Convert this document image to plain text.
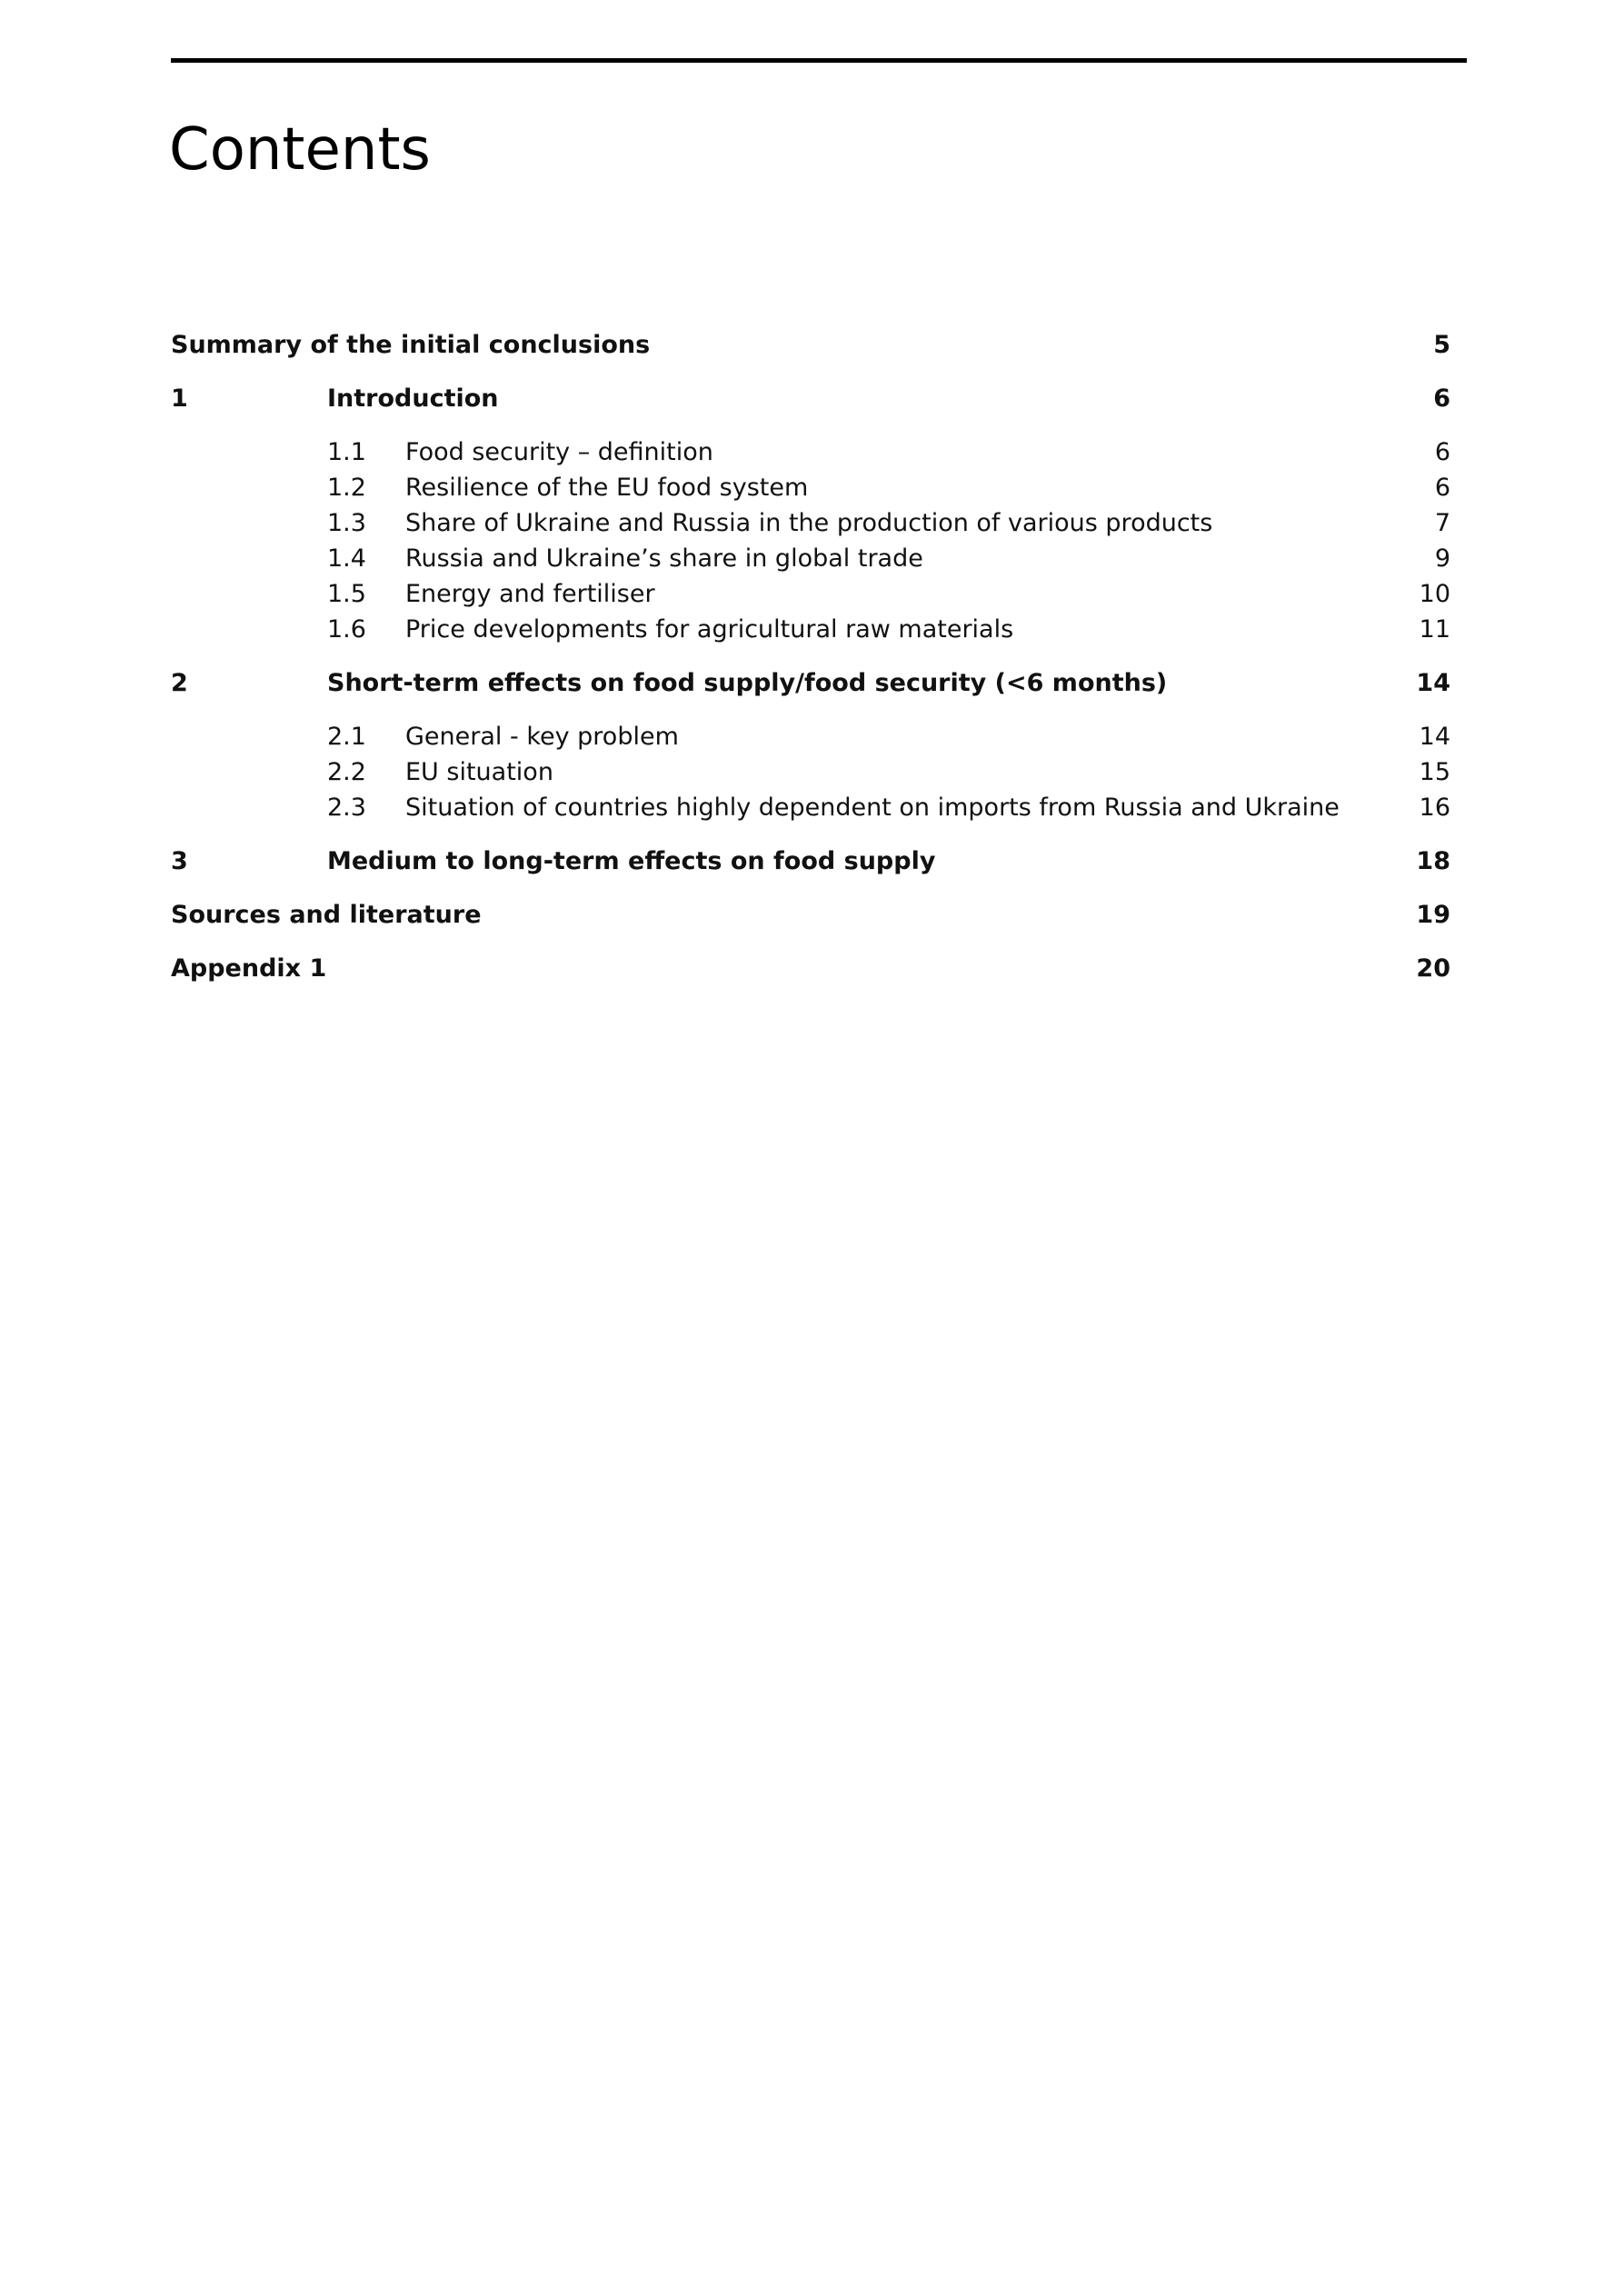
Contents
Summary of the initial conclusions	5
1	Introduction	6
1.1 Food security – definition	6
1.2 Resilience of the EU food system	6
1.3 Share of Ukraine and Russia in the production of various products	7
1.4 Russia and Ukraine’s share in global trade	9
1.5 Energy and fertiliser	10
1.6 Price developments for agricultural raw materials	11
2	Short-term effects on food supply/food security (<6 months)	14
2.1 General - key problem	14
2.2 EU situation	15
2.3 Situation of countries highly dependent on imports from Russia and Ukraine	16
3	Medium to long-term effects on food supply	18
Sources and literature	19
Appendix 1	20
